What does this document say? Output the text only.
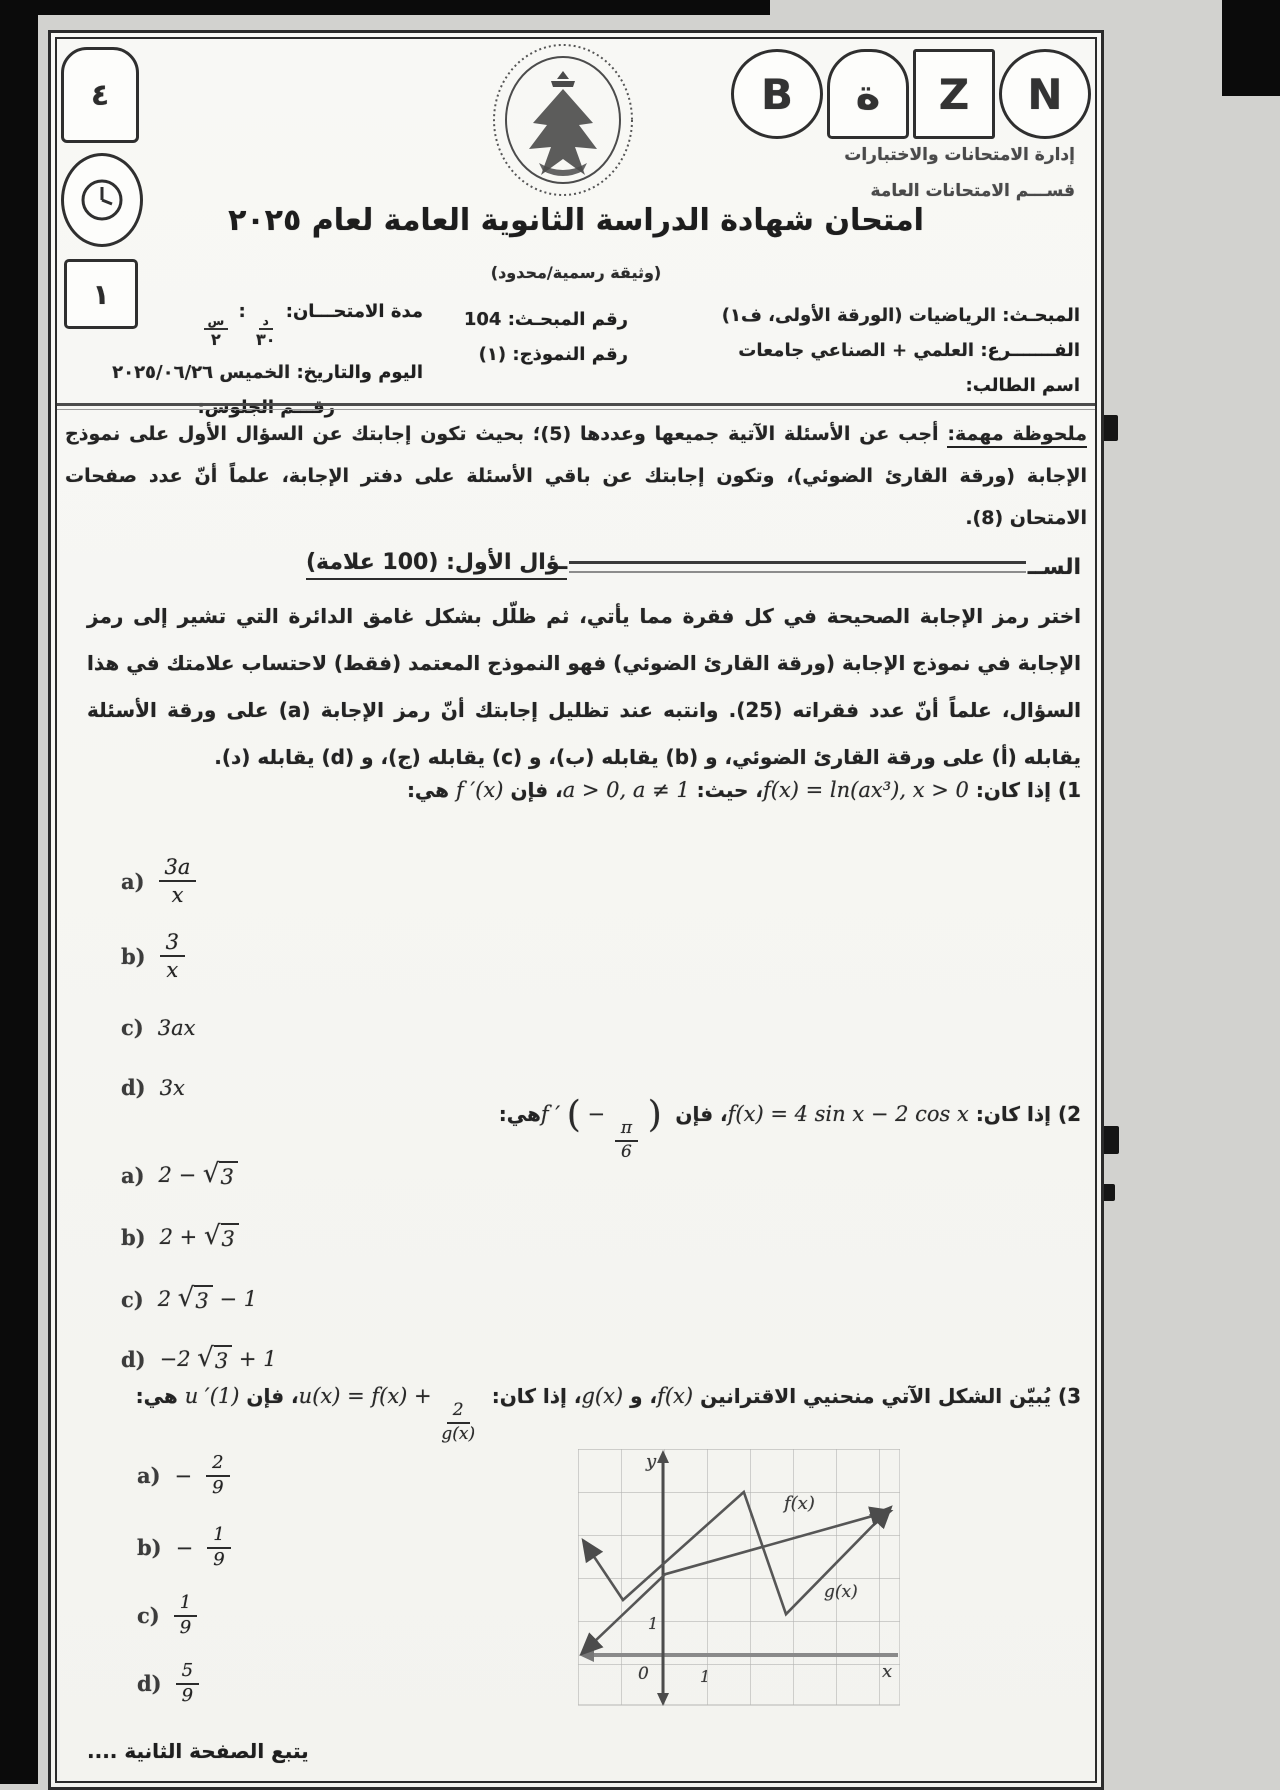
٤
١
B ة Z N
إدارة الامتحانات والاختبارات
قســـم الامتحانات العامة
امتحان شهادة الدراسة الثانوية العامة لعام ٢٠٢٥
(وثيقة رسمية/محدود)
المبحـث: الرياضيات (الورقة الأولى، ف١)
الفـــــــرع: العلمي + الصناعي جامعات
اسم الطالب:
رقم المبحـث: 104
رقم النموذج: (١)
مدة الامتحـــان:
د
٣٠
:
س
٢
اليوم والتاريخ: الخميس ٢٠٢٥/٠٦/٢٦
رقـــم الجلوس:
ملحوظة مهمة: أجب عن الأسئلة الآتية جميعها وعددها (5)؛ بحيث تكون إجابتك عن السؤال الأول على نموذج الإجابة (ورقة القارئ الضوئي)، وتكون إجابتك عن باقي الأسئلة على دفتر الإجابة، علماً أنّ عدد صفحات الامتحان (8).
الســ
ـؤال الأول: (100 علامة)
اختر رمز الإجابة الصحيحة في كل فقرة مما يأتي، ثم ظلّل بشكل غامق الدائرة التي تشير إلى رمز الإجابة في نموذج الإجابة (ورقة القارئ الضوئي) فهو النموذج المعتمد (فقط) لاحتساب علامتك في هذا السؤال، علماً أنّ عدد فقراته (25). وانتبه عند تظليل إجابتك أنّ رمز الإجابة (a) على ورقة الأسئلة يقابله (أ) على ورقة القارئ الضوئي، و (b) يقابله (ب)، و (c) يقابله (ج)، و (d) يقابله (د).
1) إذا كان: f(x) = ln(ax³), x > 0، حيث: a > 0, a ≠ 1، فإن f ′(x) هي:
$a) \frac{3a}{x}$
$b) \frac{3}{x}$
c) 3ax
d) 3x
2) إذا كان: f(x) = 4 sin x − 2 cos x، فإن f ′ ( −
$\frac{\pi}{6}$
) هي:
a) 2 − √ 3
b) 2 + √ 3
c) 2 √ 3 − 1
d) −2 √ 3 + 1
3) يُبيّن الشكل الآتي منحنيي الاقترانين f(x)، و g(x)، إذا كان: u(x) = f(x) +
$\frac{2}{g(x)}$
، فإن u ′(1) هي:
$a) - \frac{2}{9}$
$b) - \frac{1}{9}$
$c) \frac{1}{9}$
$d) \frac{5}{9}$
y
x
0	1
1
f(x)
g(x)
يتبع الصفحة الثانية ....
